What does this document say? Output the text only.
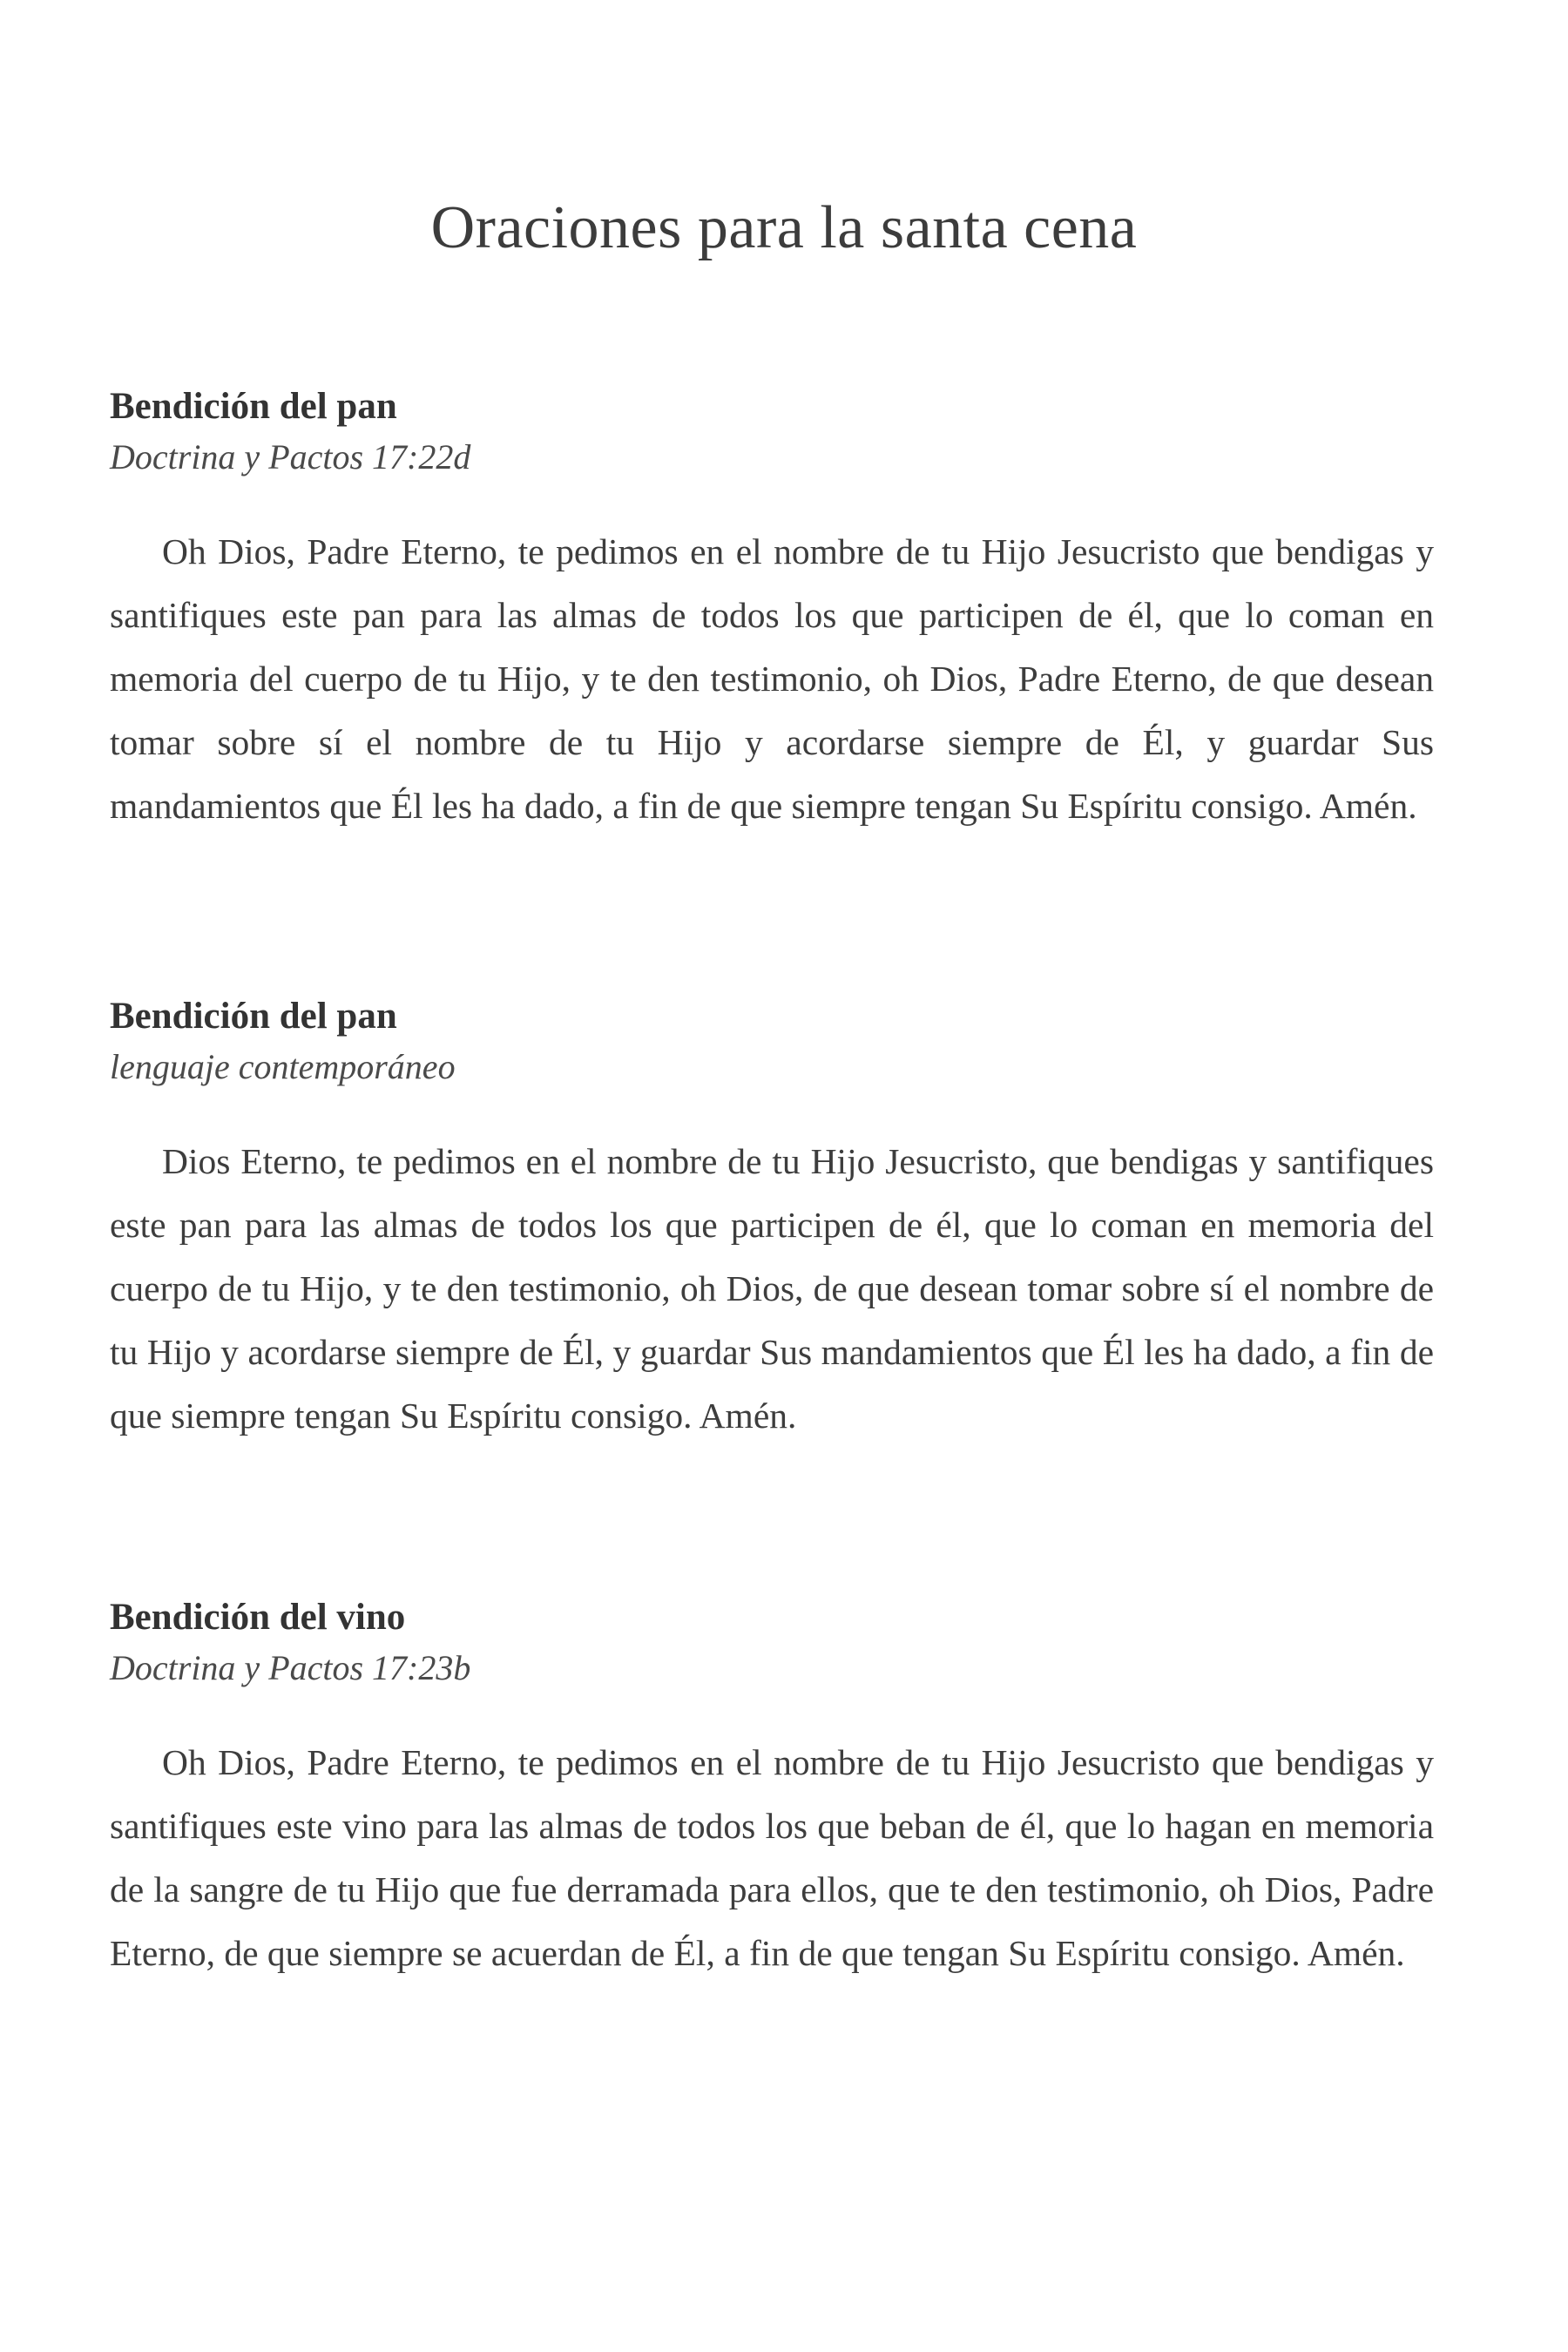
Oraciones para la santa cena

Bendición del pan

Doctrina y Pactos 17:22d

Oh Dios, Padre Eterno, te pedimos en el nombre de tu Hijo Jesucristo que bendigas y santifiques este pan para las almas de todos los que participen de él, que lo coman en memoria del cuerpo de tu Hijo, y te den testimonio, oh Dios, Padre Eterno, de que desean tomar sobre sí el nombre de tu Hijo y acordarse siempre de Él, y guardar Sus mandamientos que Él les ha dado, a fin de que siempre tengan Su Espíritu consigo. Amén.

Bendición del pan

lenguaje contemporáneo

Dios Eterno, te pedimos en el nombre de tu Hijo Jesucristo, que bendigas y santifiques este pan para las almas de todos los que participen de él, que lo coman en memoria del cuerpo de tu Hijo, y te den testimonio, oh Dios, de que desean tomar sobre sí el nombre de tu Hijo y acordarse siempre de Él, y guardar Sus mandamientos que Él les ha dado, a fin de que siempre tengan Su Espíritu consigo. Amén.

Bendición del vino

Doctrina y Pactos 17:23b

Oh Dios, Padre Eterno, te pedimos en el nombre de tu Hijo Jesucristo que bendigas y santifiques este vino para las almas de todos los que beban de él, que lo hagan en memoria de la sangre de tu Hijo que fue derramada para ellos, que te den testimonio, oh Dios, Padre Eterno, de que siempre se acuerdan de Él, a fin de que tengan Su Espíritu consigo. Amén.
